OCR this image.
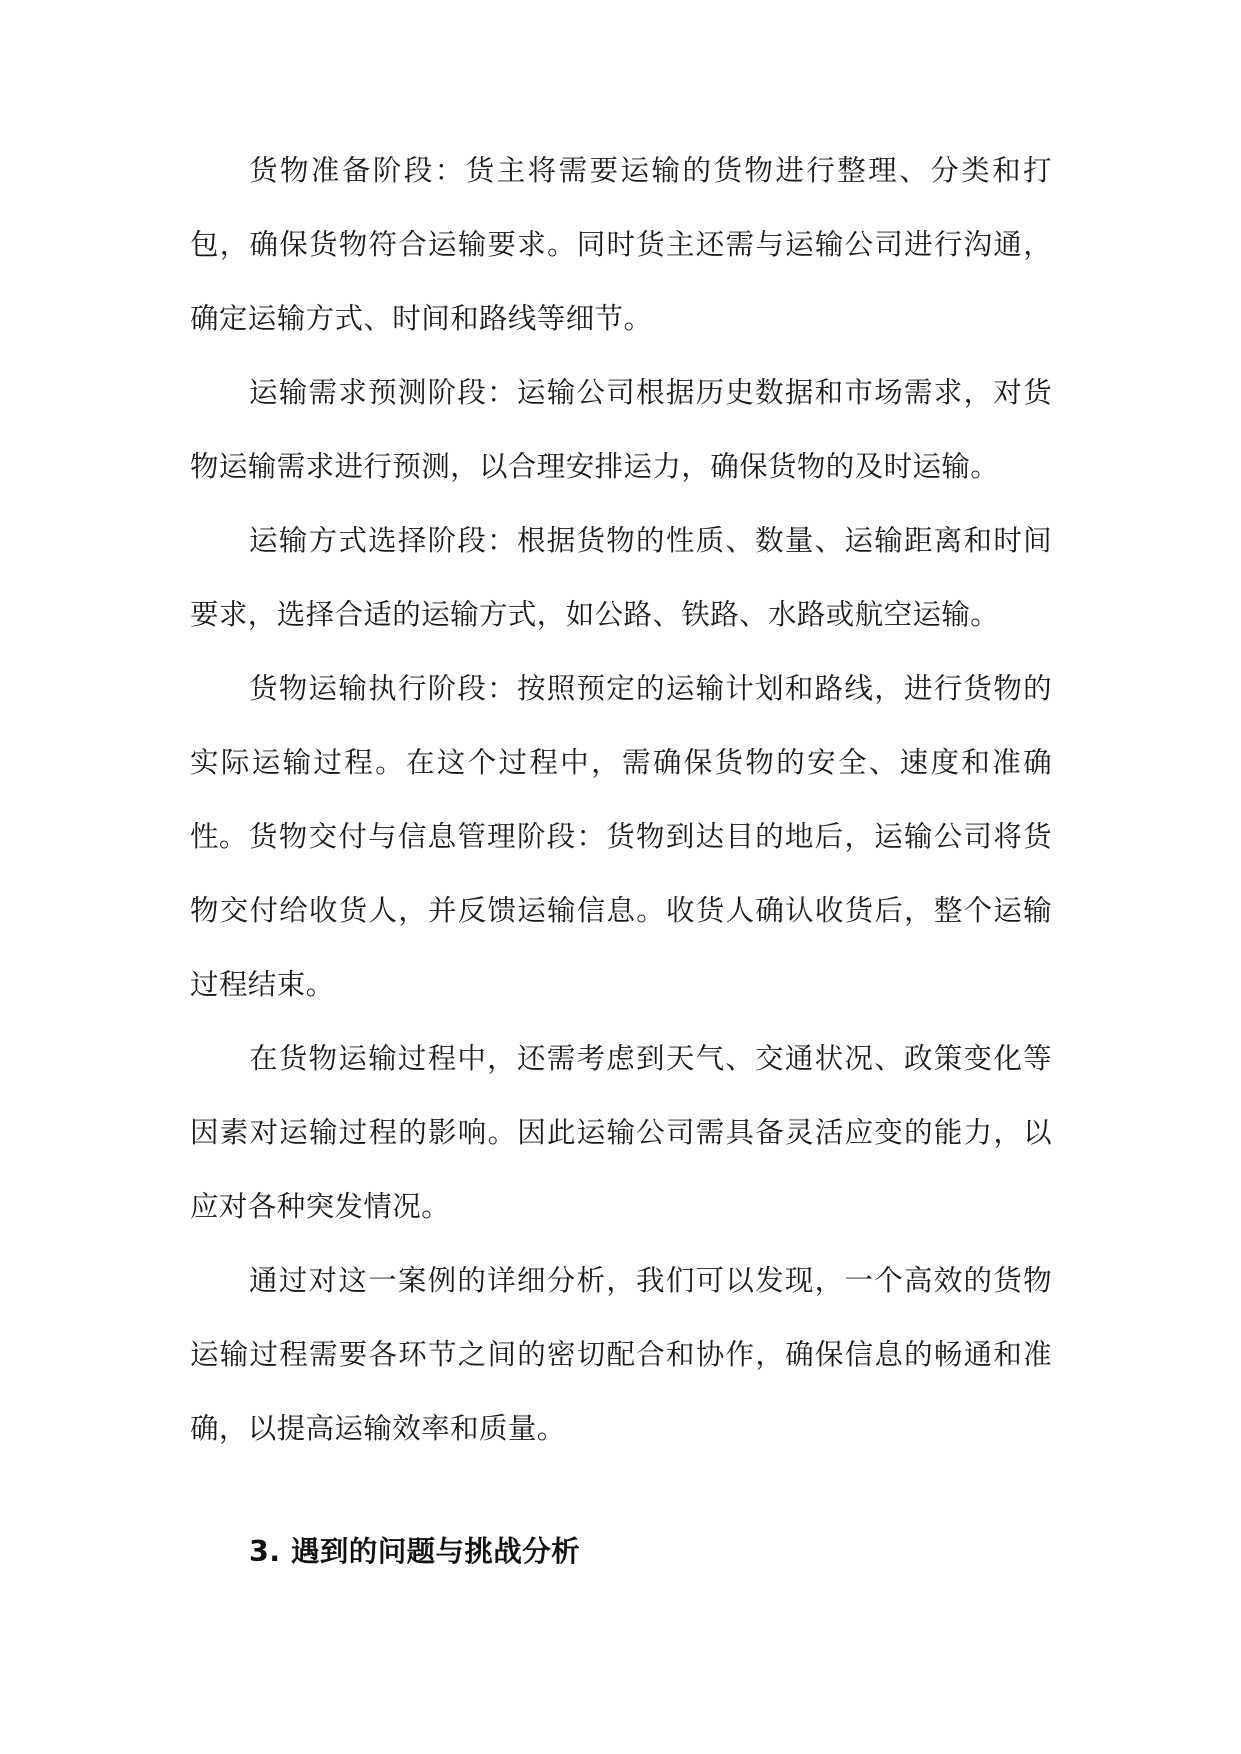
货物准备阶段：货主将需要运输的货物进行整理、分类和打包，确保货物符合运输要求。同时货主还需与运输公司进行沟通，确定运输方式、时间和路线等细节。

运输需求预测阶段：运输公司根据历史数据和市场需求，对货物运输需求进行预测，以合理安排运力，确保货物的及时运输。

运输方式选择阶段：根据货物的性质、数量、运输距离和时间要求，选择合适的运输方式，如公路、铁路、水路或航空运输。

货物运输执行阶段：按照预定的运输计划和路线，进行货物的实际运输过程。在这个过程中，需确保货物的安全、速度和准确性。 货物交付与信息管理阶段：货物到达目的地后，运输公司将货物交付给收货人，并反馈运输信息。收货人确认收货后，整个运输过程结束。

在货物运输过程中，还需考虑到天气、交通状况、政策变化等因素对运输过程的影响。因此运输公司需具备灵活应变的能力，以应对各种突发情况。

通过对这一案例的详细分析，我们可以发现，一个高效的货物运输过程需要各环节之间的密切配合和协作，确保信息的畅通和准确，以提高运输效率和质量。

3. 遇到的问题与挑战分析
